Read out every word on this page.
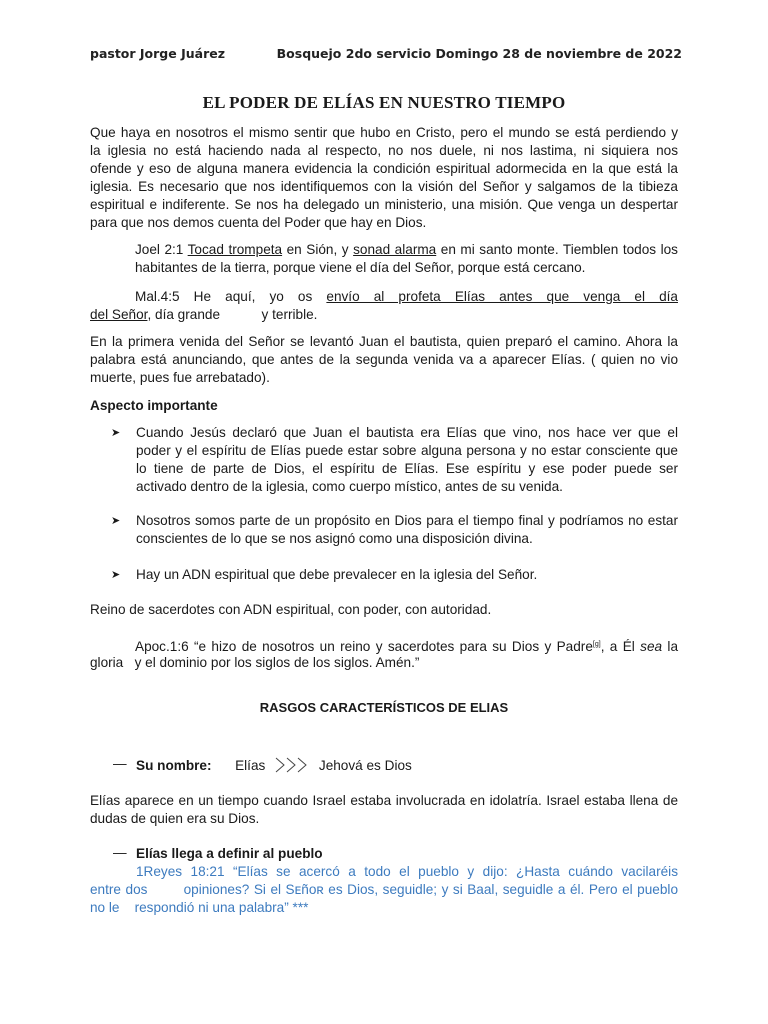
pastor Jorge Juárez	Bosquejo 2do servicio Domingo 28 de noviembre de 2022
EL PODER DE ELÍAS EN NUESTRO TIEMPO
Que haya en nosotros el mismo sentir que hubo en Cristo, pero el mundo se está perdiendo y
la iglesia no está haciendo nada al respecto, no nos duele, ni nos lastima, ni siquiera nos
ofende y eso de alguna manera evidencia la condición espiritual adormecida en la que está la
iglesia. Es necesario que nos identifiquemos con la visión del Señor y salgamos de la tibieza
espiritual e indiferente. Se nos ha delegado un ministerio, una misión. Que venga un despertar
para que nos demos cuenta del Poder que hay en Dios.
Joel 2:1 Tocad trompeta en Sión, y sonad alarma en mi santo monte. Tiemblen todos los
habitantes de la tierra, porque viene el día del Señor, porque está cercano.
Mal.4:5 He aquí, yo os envío al profeta Elías antes que venga el día
del Señor, día grande           y terrible.
En la primera venida del Señor se levantó Juan el bautista, quien preparó el camino. Ahora la
palabra está anunciando, que antes de la segunda venida va a aparecer Elías. ( quien no vio
muerte, pues fue arrebatado).
Aspecto importante
➤ Cuando Jesús declaró que Juan el bautista era Elías que vino, nos hace ver que el
poder y el espíritu de Elías puede estar sobre alguna persona y no estar consciente que
lo tiene de parte de Dios, el espíritu de Elías. Ese espíritu y ese poder puede ser
activado dentro de la iglesia, como cuerpo místico, antes de su venida.
➤ Nosotros somos parte de un propósito en Dios para el tiempo final y podríamos no estar
conscientes de lo que se nos asignó como una disposición divina.
➤ Hay un ADN espiritual que debe prevalecer en la iglesia del Señor.
Reino de sacerdotes con ADN espiritual, con poder, con autoridad.
Apoc.1:6 “e hizo de nosotros un reino y sacerdotes para su Dios y Padre[g], a Él sea la
gloria   y el dominio por los siglos de los siglos. Amén.”
RASGOS CARACTERÍSTICOS DE ELIAS
— Su nombre: Elías	Jehová es Dios
Elías aparece en un tiempo cuando Israel estaba involucrada en idolatría. Israel estaba llena de
dudas de quien era su Dios.
— Elías llega a definir al pueblo
1Reyes 18:21 “Elías se acercó a todo el pueblo y dijo: ¿Hasta cuándo vacilaréis
entre dos        opiniones? Si el Sᴇñᴏʀ es Dios, seguidle; y si Baal, seguidle a él. Pero el pueblo
no le    respondió ni una palabra” ***
